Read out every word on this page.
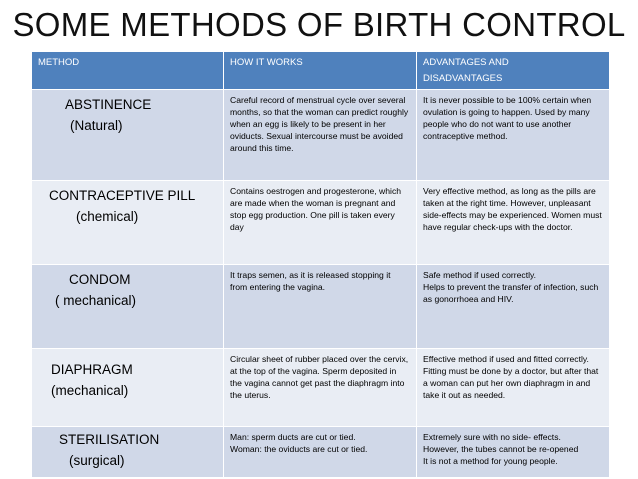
SOME METHODS OF BIRTH CONTROL
METHOD	HOW IT WORKS	ADVANTAGES AND
DISADVANTAGES

ABSTINENCE
(Natural)	Careful record of menstrual cycle over several months, so that the woman can predict roughly when an egg is likely to be present in her oviducts. Sexual intercourse must be avoided around this time.	It is never possible to be 100% certain when ovulation is going to happen. Used by many people who do not want to use another contraceptive method.

CONTRACEPTIVE PILL
(chemical)	Contains oestrogen and progesterone, which are made when the woman is pregnant and stop egg production. One pill is taken every day	Very effective method, as long as the pills are taken at the right time. However, unpleasant side-effects may be experienced. Women must have regular check-ups with the doctor.

CONDOM
( mechanical)	It traps semen, as it is released stopping it from entering the vagina.	Safe method if used correctly.
Helps to prevent the transfer of infection, such as gonorrhoea and HIV.

DIAPHRAGM
(mechanical)	Circular sheet of rubber placed over the cervix, at the top of the vagina. Sperm deposited in the vagina cannot get past the diaphragm into the uterus.	Effective method if used and fitted correctly. Fitting must be done by a doctor, but after that a woman can put her own diaphragm in and take it out as needed.

STERILISATION
(surgical)	Man: sperm ducts are cut or tied.
Woman: the oviducts are cut or tied.	Extremely sure with no side- effects.
However, the tubes cannot be re-opened
It is not a method for young people.
